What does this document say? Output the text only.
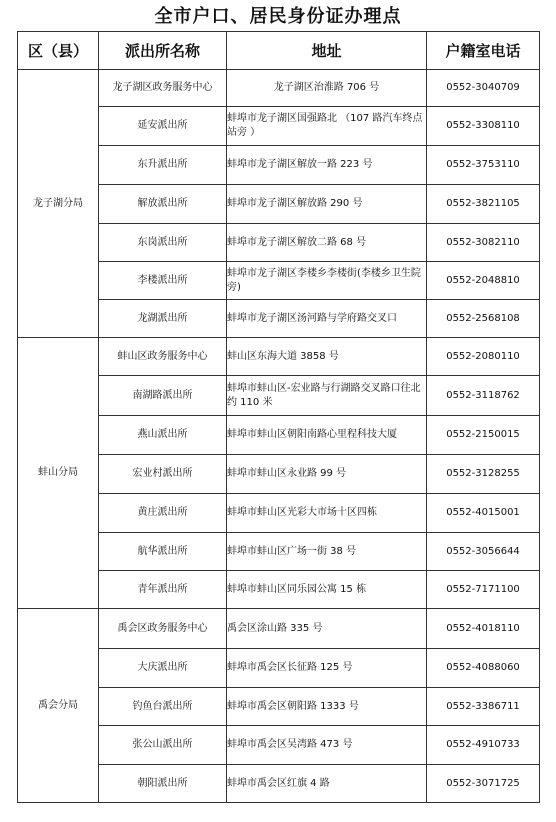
全市户口、居民身份证办理点
区（县）	派出所名称	地址	户籍室电话
龙子湖分局	龙子湖区政务服务中心	龙子湖区治淮路 706 号	0552-3040709
	延安派出所	蚌埠市龙子湖区国强路北 （107 路汽车终点站旁 ）	0552-3308110
	东升派出所	蚌埠市龙子湖区解放一路 223 号	0552-3753110
	解放派出所	蚌埠市龙子湖区解放路 290 号	0552-3821105
	东岗派出所	蚌埠市龙子湖区解放二路 68 号	0552-3082110
	李楼派出所	蚌埠市龙子湖区李楼乡李楼街(李楼乡卫生院旁)	0552-2048810
	龙湖派出所	蚌埠市龙子湖区汤河路与学府路交叉口	0552-2568108
蚌山分局	蚌山区政务服务中心	蚌山区东海大道 3858 号	0552-2080110
	南湖路派出所	蚌埠市蚌山区-宏业路与行湖路交叉路口往北约 110 米	0552-3118762
	燕山派出所	蚌埠市蚌山区朝阳南路心里程科技大厦	0552-2150015
	宏业村派出所	蚌埠市蚌山区永业路 99 号	0552-3128255
	黄庄派出所	蚌埠市蚌山区光彩大市场十区四栋	0552-4015001
	航华派出所	蚌埠市蚌山区广场一街 38 号	0552-3056644
	青年派出所	蚌埠市蚌山区同乐园公寓 15 栋	0552-7171100
禹会分局	禹会区政务服务中心	禹会区涂山路 335 号	0552-4018110
	大庆派出所	蚌埠市禹会区长征路 125 号	0552-4088060
	钓鱼台派出所	蚌埠市禹会区朝阳路 1333 号	0552-3386711
	张公山派出所	蚌埠市禹会区吴湾路 473 号	0552-4910733
	朝阳派出所	蚌埠市禹会区红旗 4 路	0552-3071725
